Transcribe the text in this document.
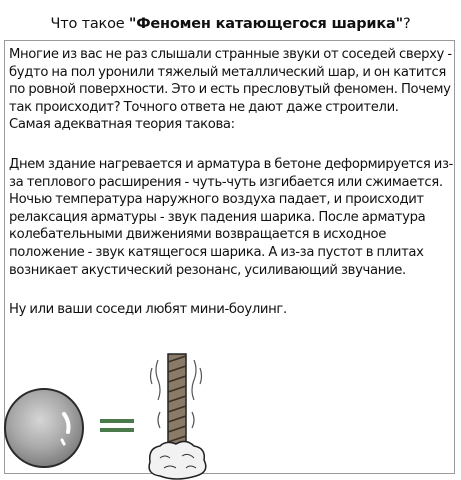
Что такое "Феномен катающегося шарика"?

Многие из вас не раз слышали странные звуки от соседей сверху - будто на пол уронили тяжелый металлический шар, и он катится по ровной поверхности. Это и есть пресловутый феномен. Почему так происходит? Точного ответа не дают даже строители.

Самая адекватная теория такова:

Днем здание нагревается и арматура в бетоне деформируется из-за теплового расширения - чуть-чуть изгибается или сжимается. Ночью температура наружного воздуха падает, и происходит релаксация арматуры - звук падения шарика. После арматура колебательными движениями возвращается в исходное положение - звук катящегося шарика. А из-за пустот в плитах возникает акустический резонанс, усиливающий звучание.

Ну или ваши соседи любят мини-боулинг.
